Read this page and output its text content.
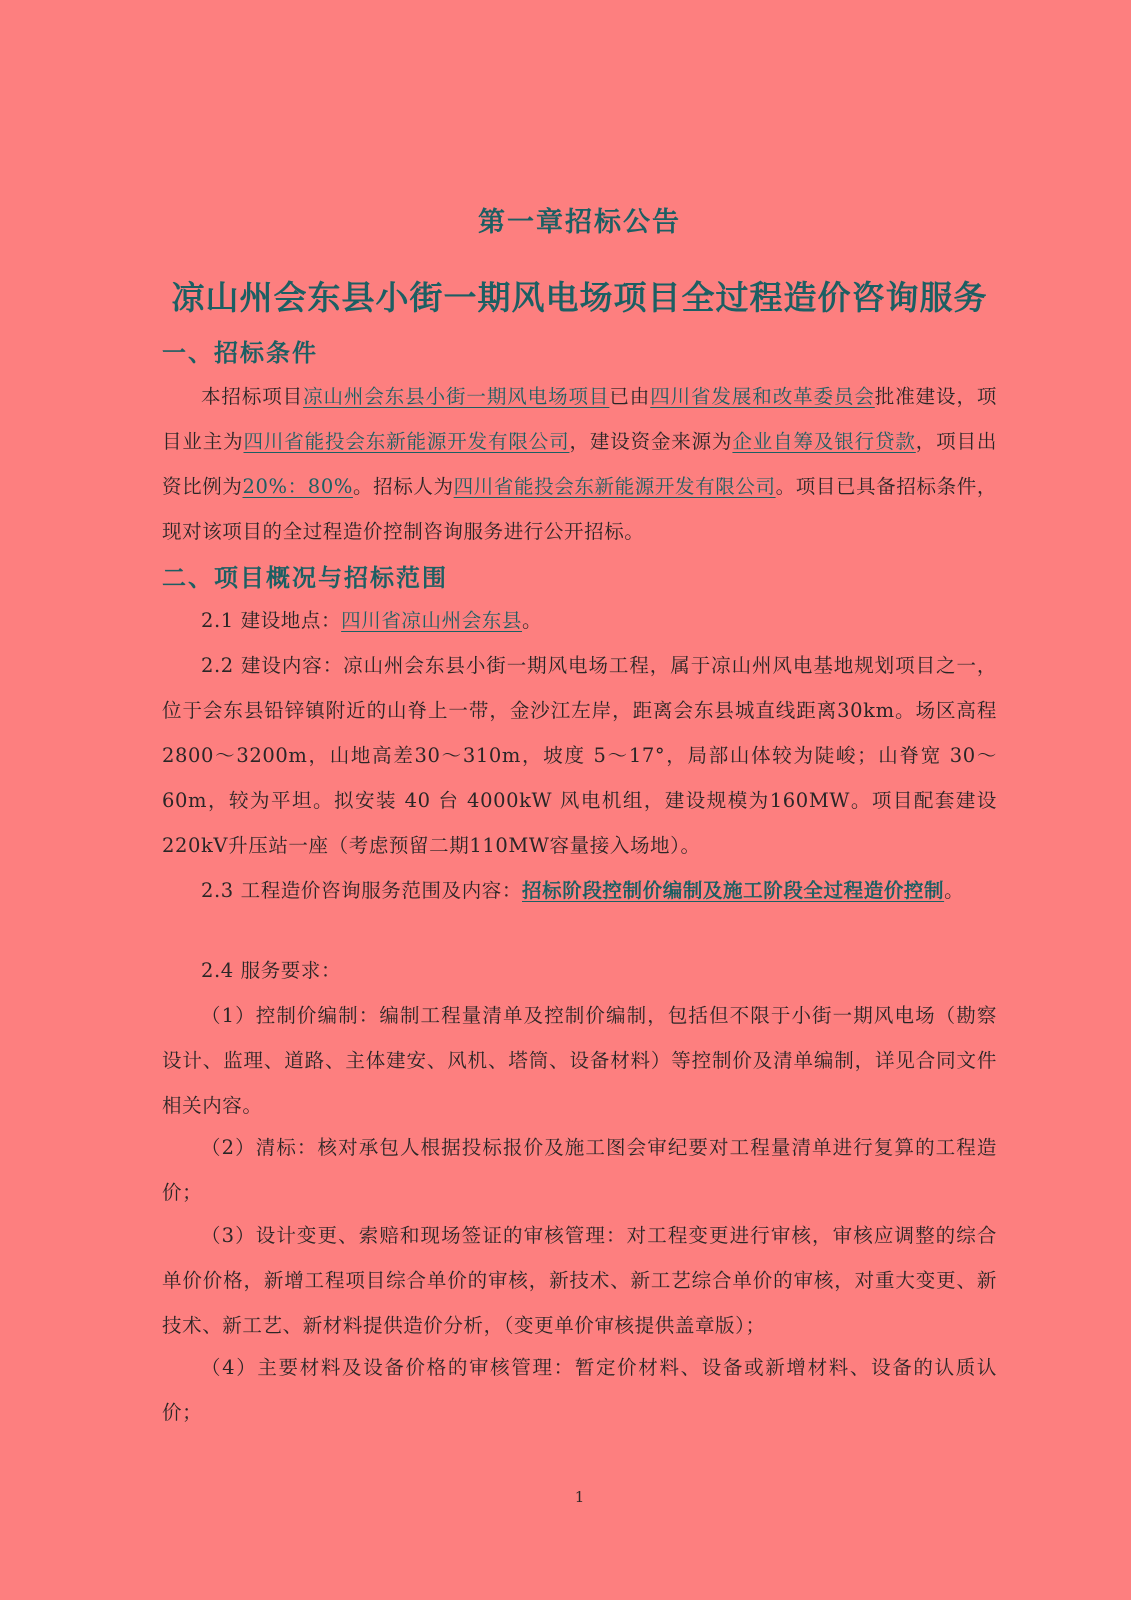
第一章招标公告
凉山州会东县小街一期风电场项目全过程造价咨询服务
一、招标条件
本招标项目凉山州会东县小街一期风电场项目已由四川省发展和改革委员会批准建设，项目业主为四川省能投会东新能源开发有限公司，建设资金来源为企业自筹及银行贷款，项目出资比例为20%：80%。招标人为四川省能投会东新能源开发有限公司。项目已具备招标条件，现对该项目的全过程造价控制咨询服务进行公开招标。
二、项目概况与招标范围
2.1 建设地点：四川省凉山州会东县。
2.2 建设内容：凉山州会东县小街一期风电场工程，属于凉山州风电基地规划项目之一，位于会东县铅锌镇附近的山脊上一带，金沙江左岸，距离会东县城直线距离30km。场区高程2800～3200m，山地高差30～310m，坡度 5～17°，局部山体较为陡峻；山脊宽 30～60m，较为平坦。拟安装 40 台 4000kW 风电机组，建设规模为160MW。项目配套建设220kV升压站一座（考虑预留二期110MW容量接入场地）。
2.3 工程造价咨询服务范围及内容：招标阶段控制价编制及施工阶段全过程造价控制。
2.4 服务要求：
（1）控制价编制：编制工程量清单及控制价编制，包括但不限于小街一期风电场（勘察设计、监理、道路、主体建安、风机、塔筒、设备材料）等控制价及清单编制，详见合同文件相关内容。
（2）清标：核对承包人根据投标报价及施工图会审纪要对工程量清单进行复算的工程造价；
（3）设计变更、索赔和现场签证的审核管理：对工程变更进行审核，审核应调整的综合单价价格，新增工程项目综合单价的审核，新技术、新工艺综合单价的审核，对重大变更、新技术、新工艺、新材料提供造价分析，（变更单价审核提供盖章版）；
（4）主要材料及设备价格的审核管理：暂定价材料、设备或新增材料、设备的认质认价；
1
